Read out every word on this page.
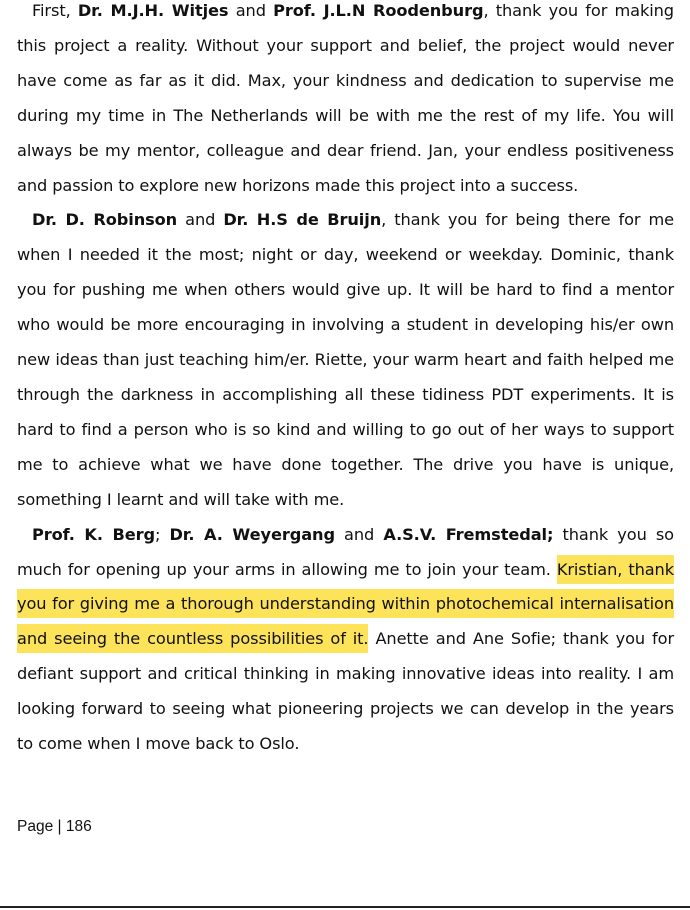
First, Dr. M.J.H. Witjes and Prof. J.L.N Roodenburg, thank you for making this project a reality. Without your support and belief, the project would never have come as far as it did. Max, your kindness and dedication to supervise me during my time in The Netherlands will be with me the rest of my life. You will always be my mentor, colleague and dear friend. Jan, your endless positiveness and passion to explore new horizons made this project into a success.

Dr. D. Robinson and Dr. H.S de Bruijn, thank you for being there for me when I needed it the most; night or day, weekend or weekday. Dominic, thank you for pushing me when others would give up. It will be hard to find a mentor who would be more encouraging in involving a student in developing his/er own new ideas than just teaching him/er. Riette, your warm heart and faith helped me through the darkness in accomplishing all these tidiness PDT experiments. It is hard to find a person who is so kind and willing to go out of her ways to support me to achieve what we have done together. The drive you have is unique, something I learnt and will take with me.

Prof. K. Berg; Dr. A. Weyergang and A.S.V. Fremstedal; thank you so much for opening up your arms in allowing me to join your team. Kristian, thank you for giving me a thorough understanding within photochemical internalisation and seeing the countless possibilities of it. Anette and Ane Sofie; thank you for defiant support and critical thinking in making innovative ideas into reality. I am looking forward to seeing what pioneering projects we can develop in the years to come when I move back to Oslo.

Page | 186
